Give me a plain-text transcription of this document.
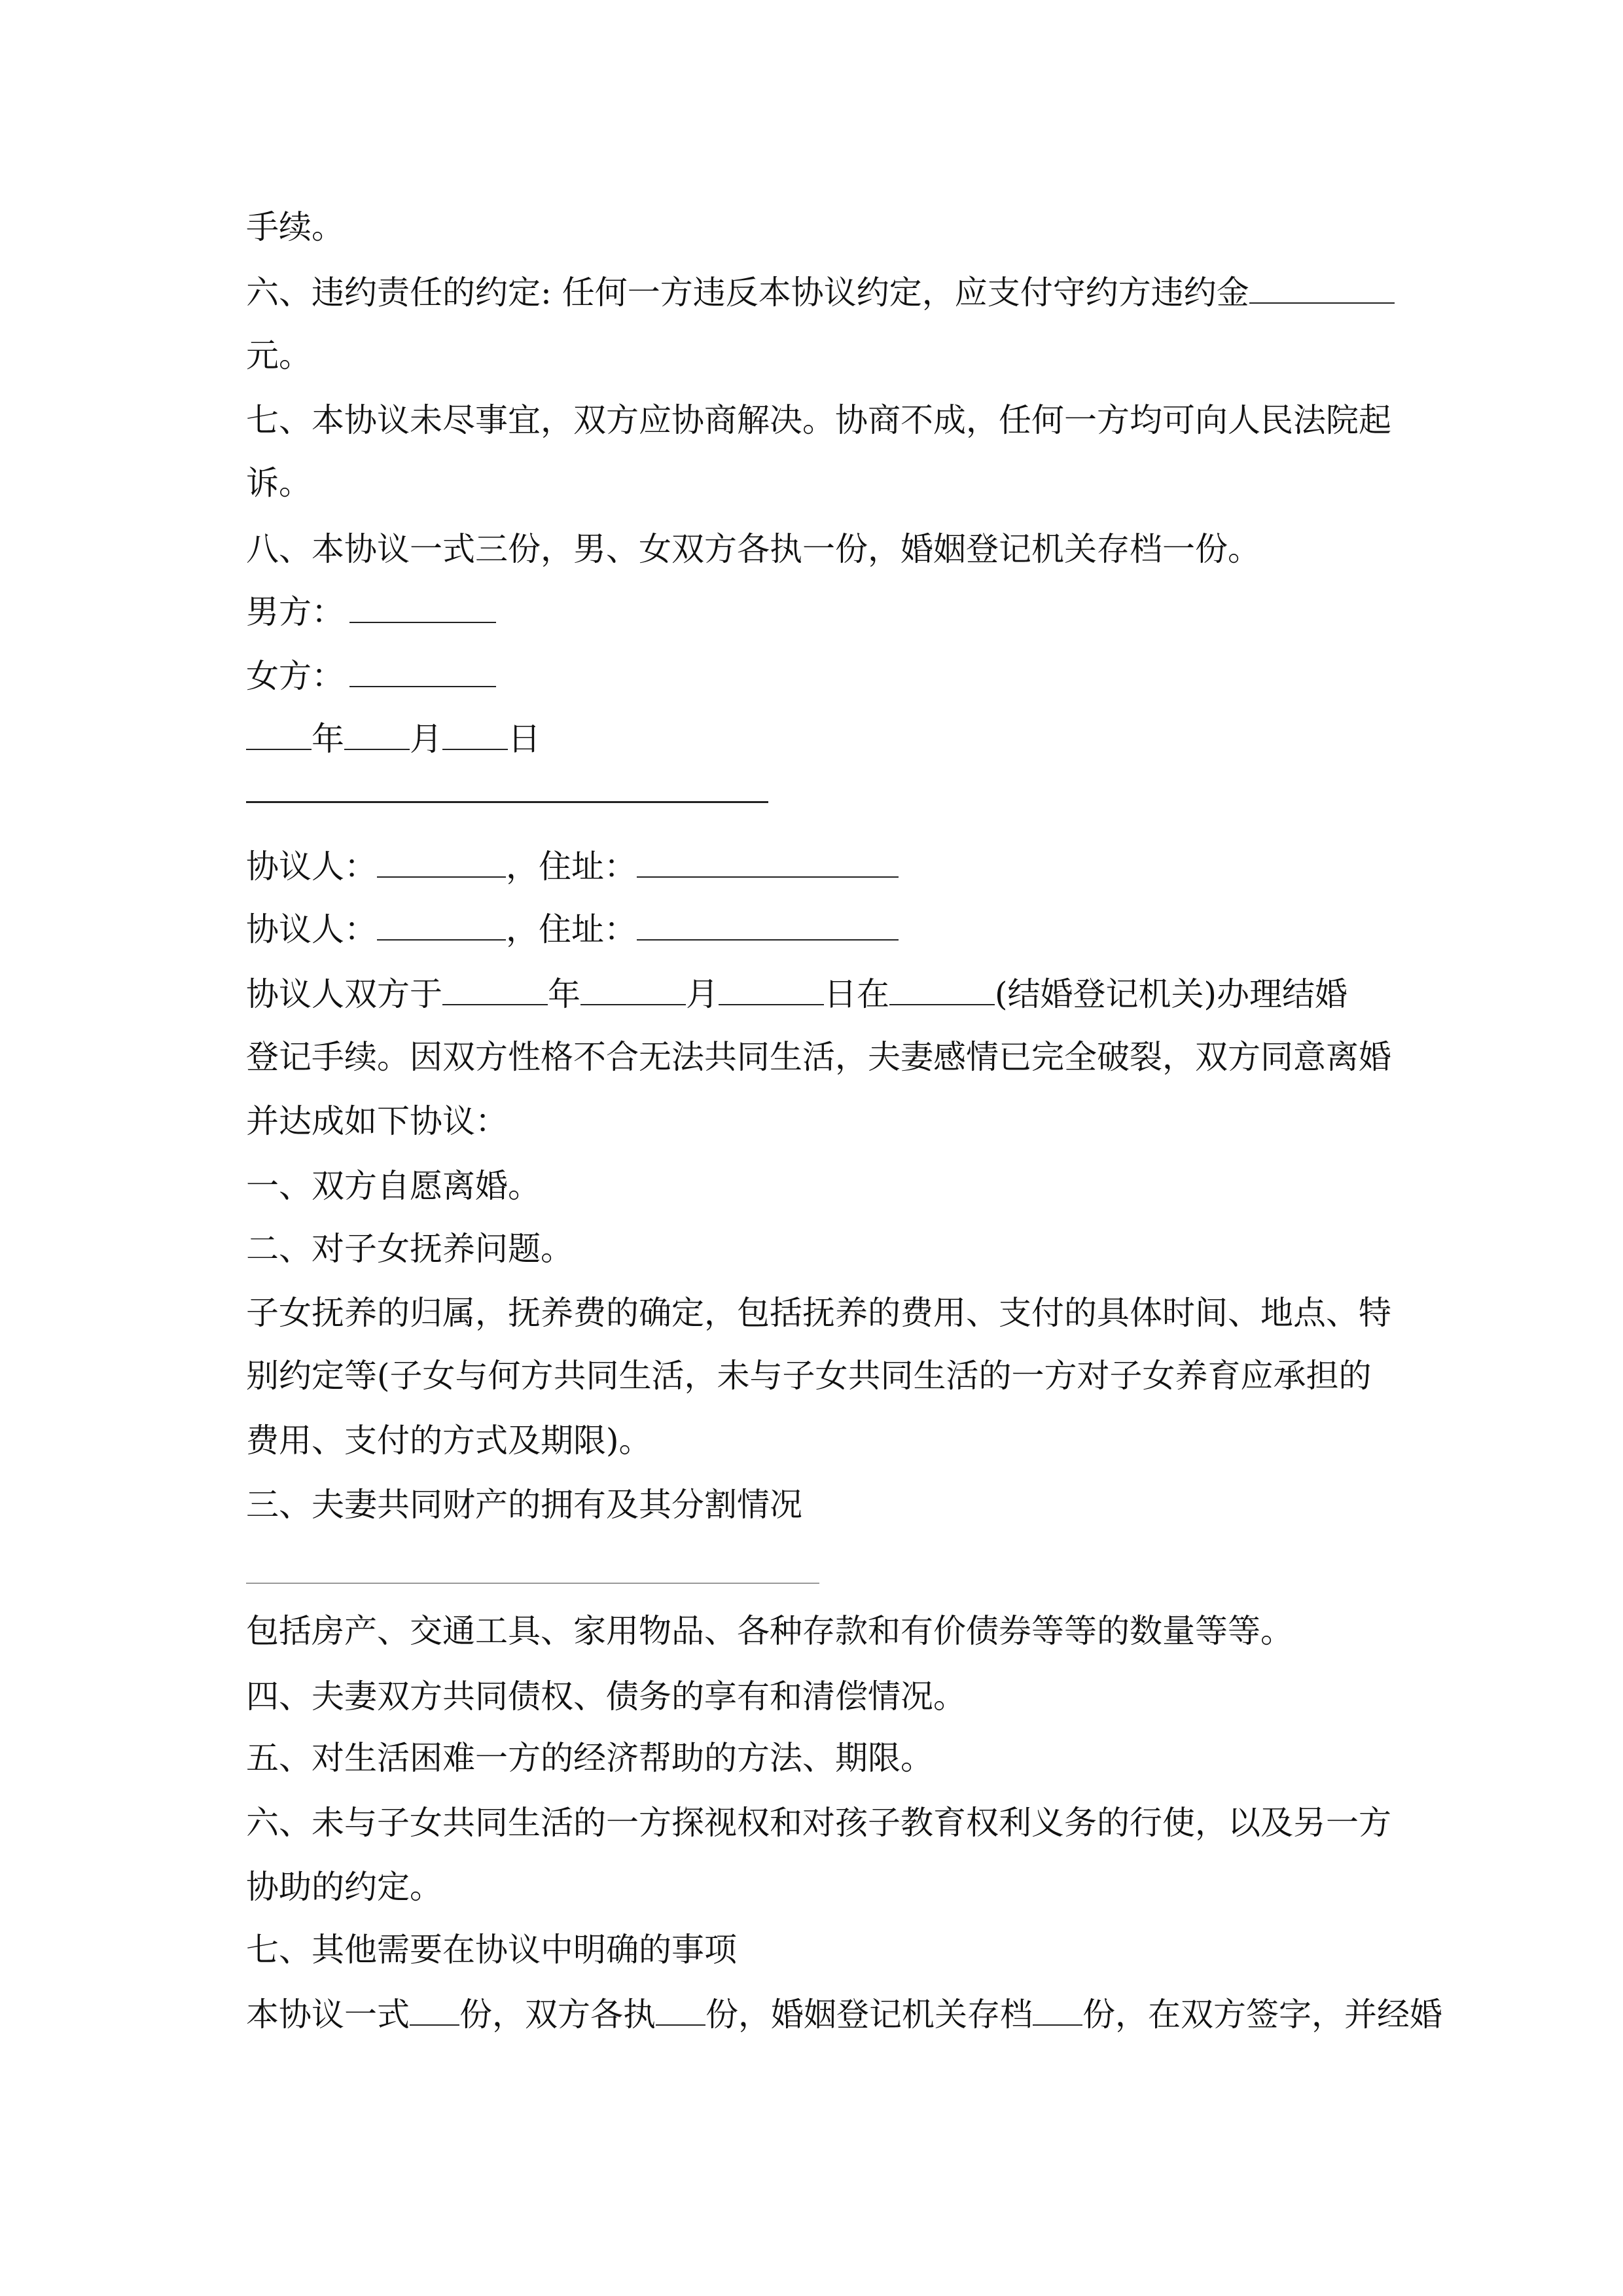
手续。
六、违约责任的约定: 任何一方违反本协议约定，应支付守约方违约金
元。
七、本协议未尽事宜，双方应协商解决。协商不成，任何一方均可向人民法院起
诉。
八、本协议一式三份，男、女双方各执一份，婚姻登记机关存档一份。
男方：
女方：
年 月 日
协议人：	，住址：
协议人：	，住址：
协议人双方于	年	月	日在	(结婚登记机关)办理结婚
登记手续。因双方性格不合无法共同生活，夫妻感情已完全破裂，双方同意离婚
并达成如下协议：
一、双方自愿离婚。
二、对子女抚养问题。
子女抚养的归属，抚养费的确定，包括抚养的费用、支付的具体时间、地点、特
别约定等(子女与何方共同生活，未与子女共同生活的一方对子女养育应承担的
费用、支付的方式及期限)。
三、夫妻共同财产的拥有及其分割情况
包括房产、交通工具、家用物品、各种存款和有价债券等等的数量等等。
四、夫妻双方共同债权、债务的享有和清偿情况。
五、对生活困难一方的经济帮助的方法、期限。
六、未与子女共同生活的一方探视权和对孩子教育权利义务的行使，以及另一方
协助的约定。
七、其他需要在协议中明确的事项
本协议一式 份，双方各执 份，婚姻登记机关存档 份，在双方签字，并经婚
